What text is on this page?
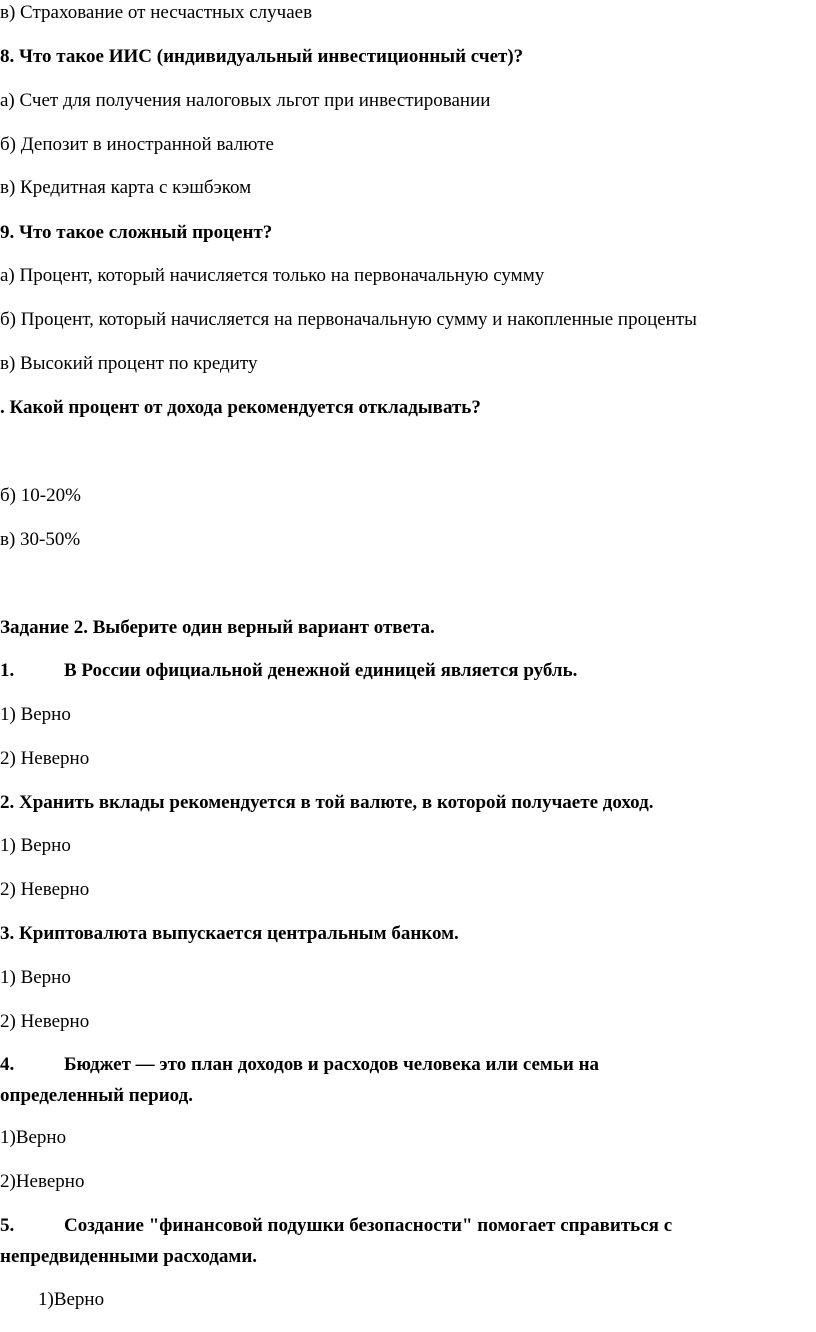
в) Страхование от несчастных случаев

8. Что такое ИИС (индивидуальный инвестиционный счет)?

а) Счет для получения налоговых льгот при инвестировании

б) Депозит в иностранной валюте

в) Кредитная карта с кэшбэком

9. Что такое сложный процент?

а) Процент, который начисляется только на первоначальную сумму

б) Процент, который начисляется на первоначальную сумму и накопленные проценты

в) Высокий процент по кредиту

. Какой процент от дохода рекомендуется откладывать?

б) 10-20%

в) 30-50%

Задание 2. Выберите один верный вариант ответа.

1.	В России официальной денежной единицей является рубль.

1) Верно

2) Неверно

2. Хранить вклады рекомендуется в той валюте, в которой получаете доход.

1) Верно

2) Неверно

3. Криптовалюта выпускается центральным банком.

1) Верно

2) Неверно

4.	Бюджет — это план доходов и расходов человека или семьи на

определенный период.

1)Верно

2)Неверно

5.	Создание "финансовой подушки безопасности" помогает справиться с

непредвиденными расходами.

1)Верно
